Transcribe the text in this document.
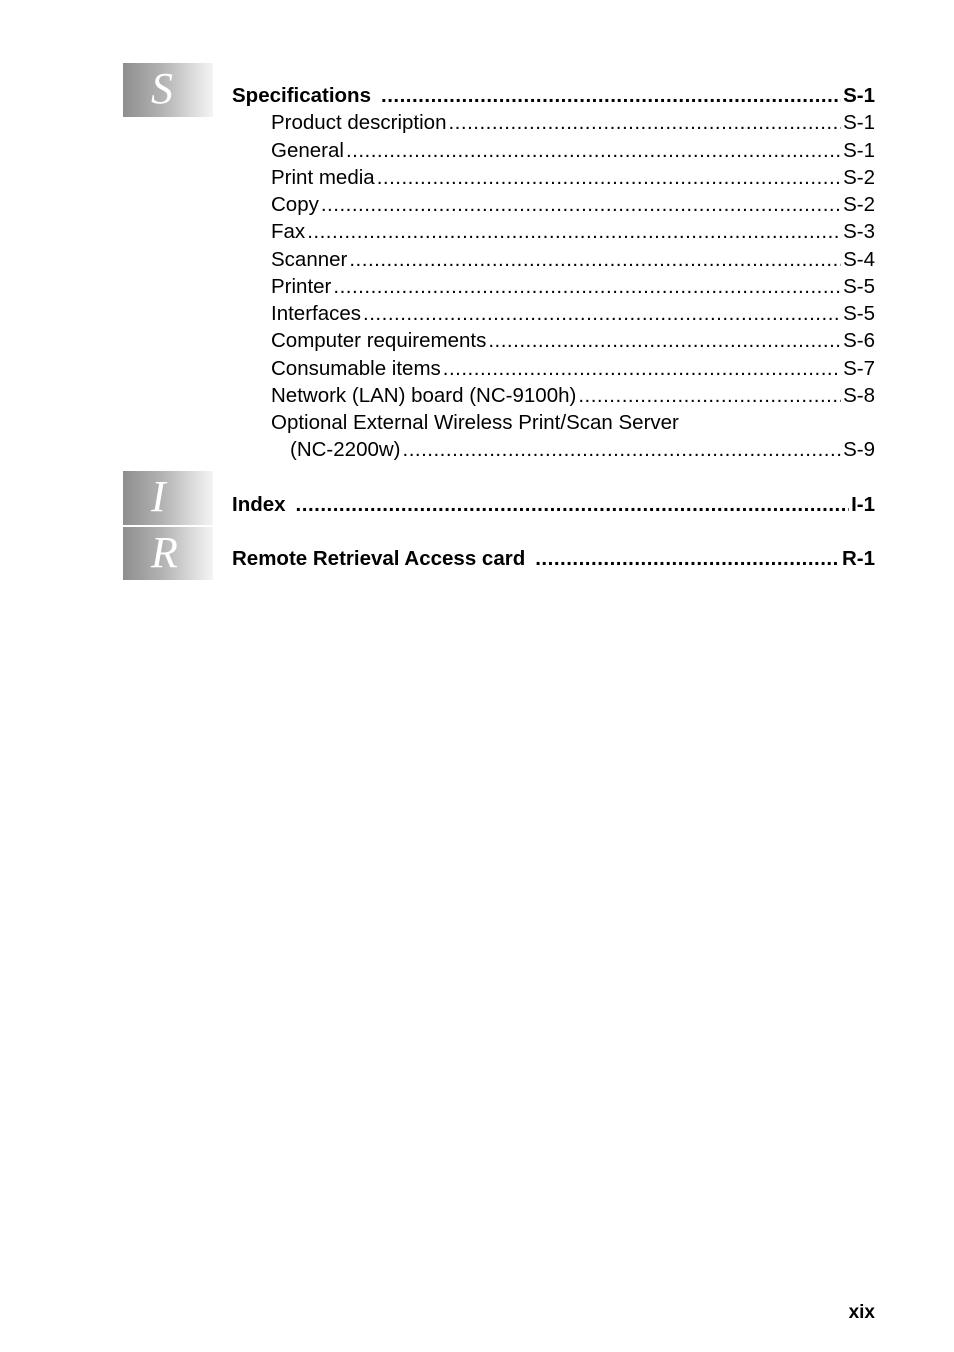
S
I
R
Specifications .....	S-1
Product description .....	S-1
General .....	S-1
Print media .....	S-2
Copy .....	S-2
Fax .....	S-3
Scanner .....	S-4
Printer .....	S-5
Interfaces .....	S-5
Computer requirements .....	S-6
Consumable items .....	S-7
Network (LAN) board (NC-9100h) .....	S-8
Optional External Wireless Print/Scan Server
(NC-2200w) .....	S-9
Index .....	I-1
Remote Retrieval Access card .....	R-1
xix
